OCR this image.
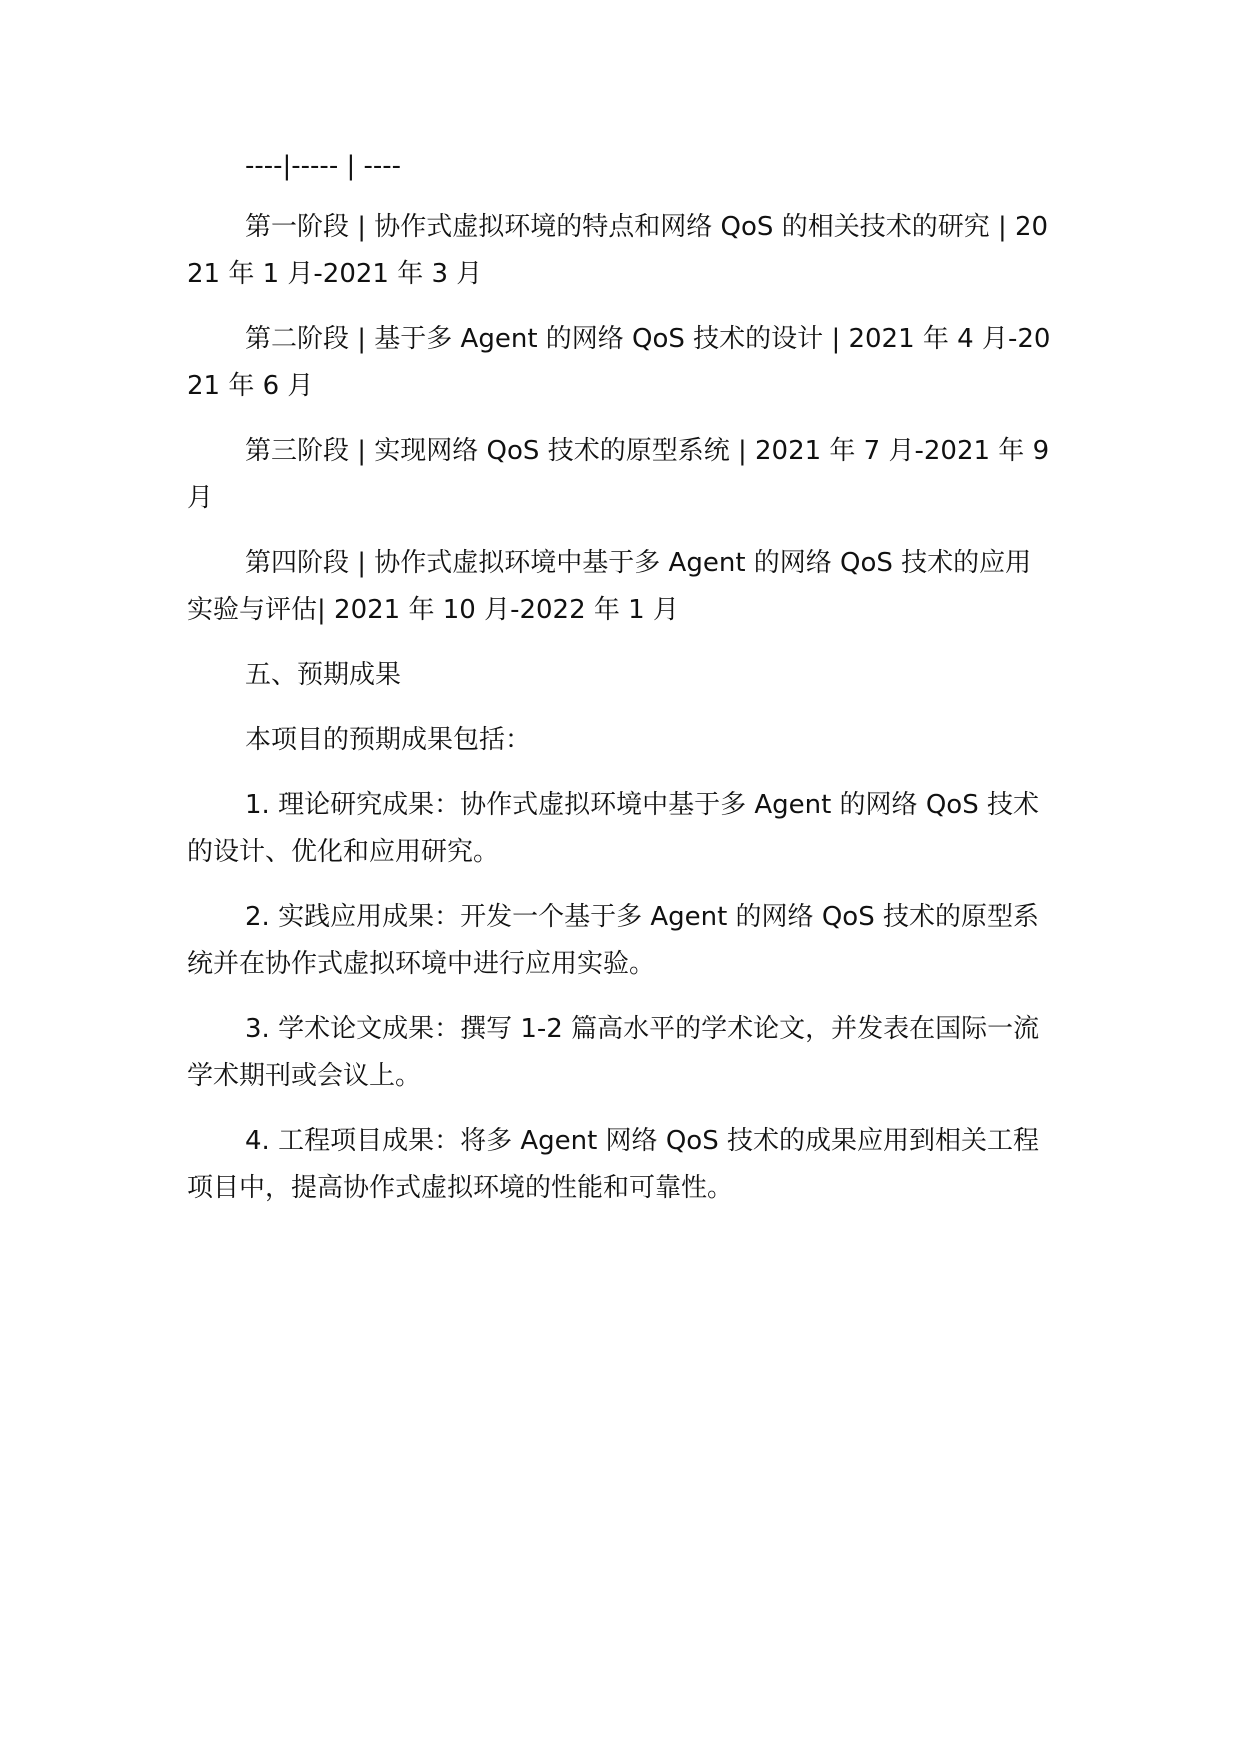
----|----- | ----

第一阶段 | 协作式虚拟环境的特点和网络 QoS 的相关技术的研究 | 2021 年 1 月-2021 年 3 月

第二阶段 | 基于多 Agent 的网络 QoS 技术的设计 | 2021 年 4 月-2021 年 6 月

第三阶段 | 实现网络 QoS 技术的原型系统 | 2021 年 7 月-2021 年 9 月

第四阶段 | 协作式虚拟环境中基于多 Agent 的网络 QoS 技术的应用实验与评估| 2021 年 10 月-2022 年 1 月

五、预期成果

本项目的预期成果包括：

1. 理论研究成果：协作式虚拟环境中基于多 Agent 的网络 QoS 技术的设计、优化和应用研究。

2. 实践应用成果：开发一个基于多 Agent 的网络 QoS 技术的原型系统并在协作式虚拟环境中进行应用实验。

3. 学术论文成果：撰写 1-2 篇高水平的学术论文，并发表在国际一流学术期刊或会议上。

4. 工程项目成果：将多 Agent 网络 QoS 技术的成果应用到相关工程项目中，提高协作式虚拟环境的性能和可靠性。
